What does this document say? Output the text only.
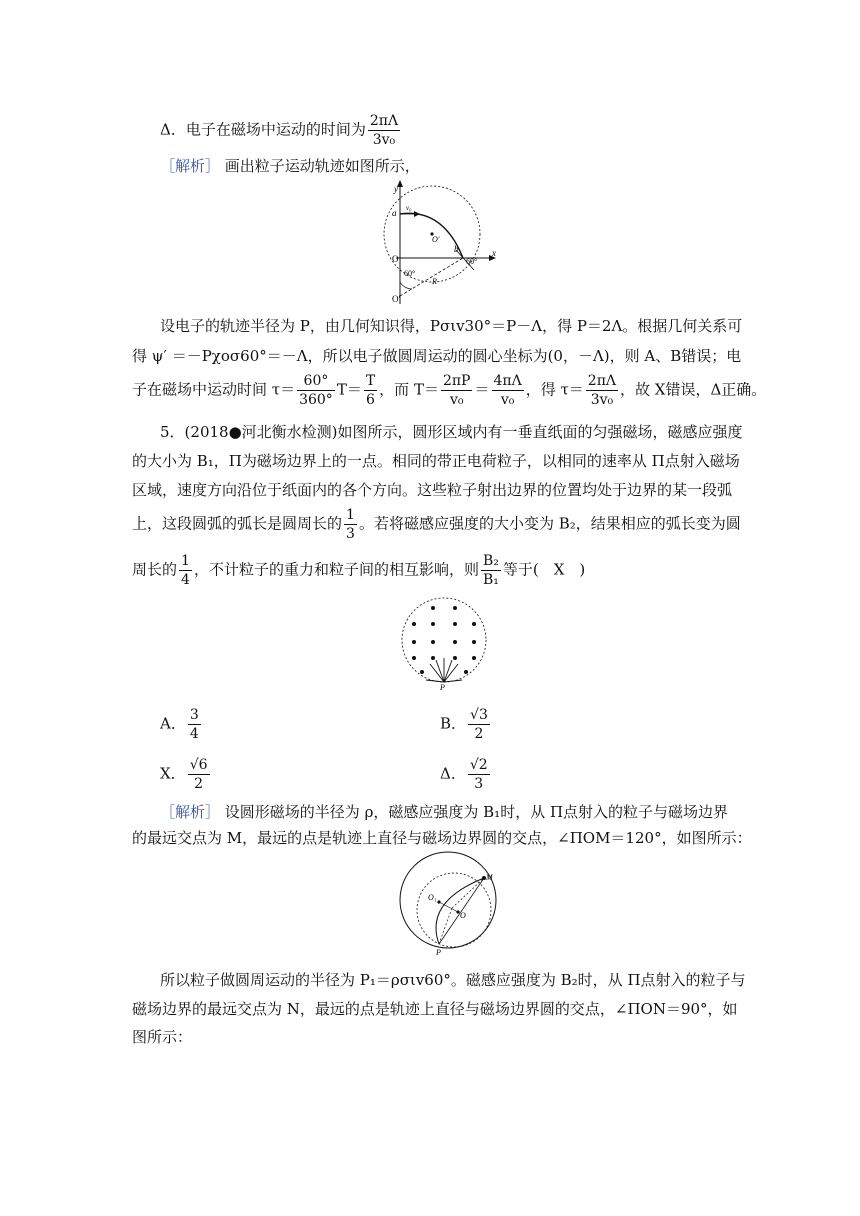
Δ．电子在磁场中运动的时间为 $\frac{2\pi\Lambda}{\text{3v₀}}$
［解析］ 画出粒子运动轨迹如图所示，
y
x
a v₀
b
O
O′
O′
R
60°
60°
设电子的轨迹半径为 P，由几何知识得，Pσιv30°＝P－Λ，得 P＝2Λ。根据几何关系可
得 ψ′ ＝－Pχoσ60°＝－Λ，所以电子做圆周运动的圆心坐标为(0，－Λ)，则 A、B错误；电
子在磁场中运动时间 $\tau= \frac{60^\circ}{360^\circ} T= \frac{T}{6}$ ，而 $T= \frac{2\pi P}{\text{v₀}} = \frac{4\pi\Lambda}{\text{v₀}}$ ，得 $\tau= \frac{2\pi\Lambda}{\text{3v₀}}$ ，故 X错误，Δ正确。
5．(2018●河北衡水检测)如图所示，圆形区域内有一垂直纸面的匀强磁场，磁感应强度
的大小为 B₁，Π为磁场边界上的一点。相同的带正电荷粒子，以相同的速率从 Π点射入磁场
区域，速度方向沿位于纸面内的各个方向。这些粒子射出边界的位置均处于边界的某一段弧
上，这段圆弧的弧长是圆周长的 $\frac{1}{3}$ 。若将磁感应强度的大小变为 B₂，结果相应的弧长变为圆
周长的 $\frac{1}{4}$ ，不计粒子的重力和粒子间的相互影响，则 $\frac{\text{B₂}}{\text{B₁}}$ 等于(　X　)
P
A． $\frac{3}{4}$	B． $\frac{√3}{2}$
X． $\frac{√6}{2}$	Δ． $\frac{√2}{3}$
［解析］ 设圆形磁场的半径为 ρ，磁感应强度为 B₁时，从 Π点射入的粒子与磁场边界
的最远交点为 M，最远的点是轨迹上直径与磁场边界圆的交点，∠ΠOM＝120°，如图所示：
M
O₁
O
P
所以粒子做圆周运动的半径为 P₁＝ρσιv60°。磁感应强度为 B₂时，从 Π点射入的粒子与
磁场边界的最远交点为 N，最远的点是轨迹上直径与磁场边界圆的交点，∠ΠON＝90°，如
图所示：
